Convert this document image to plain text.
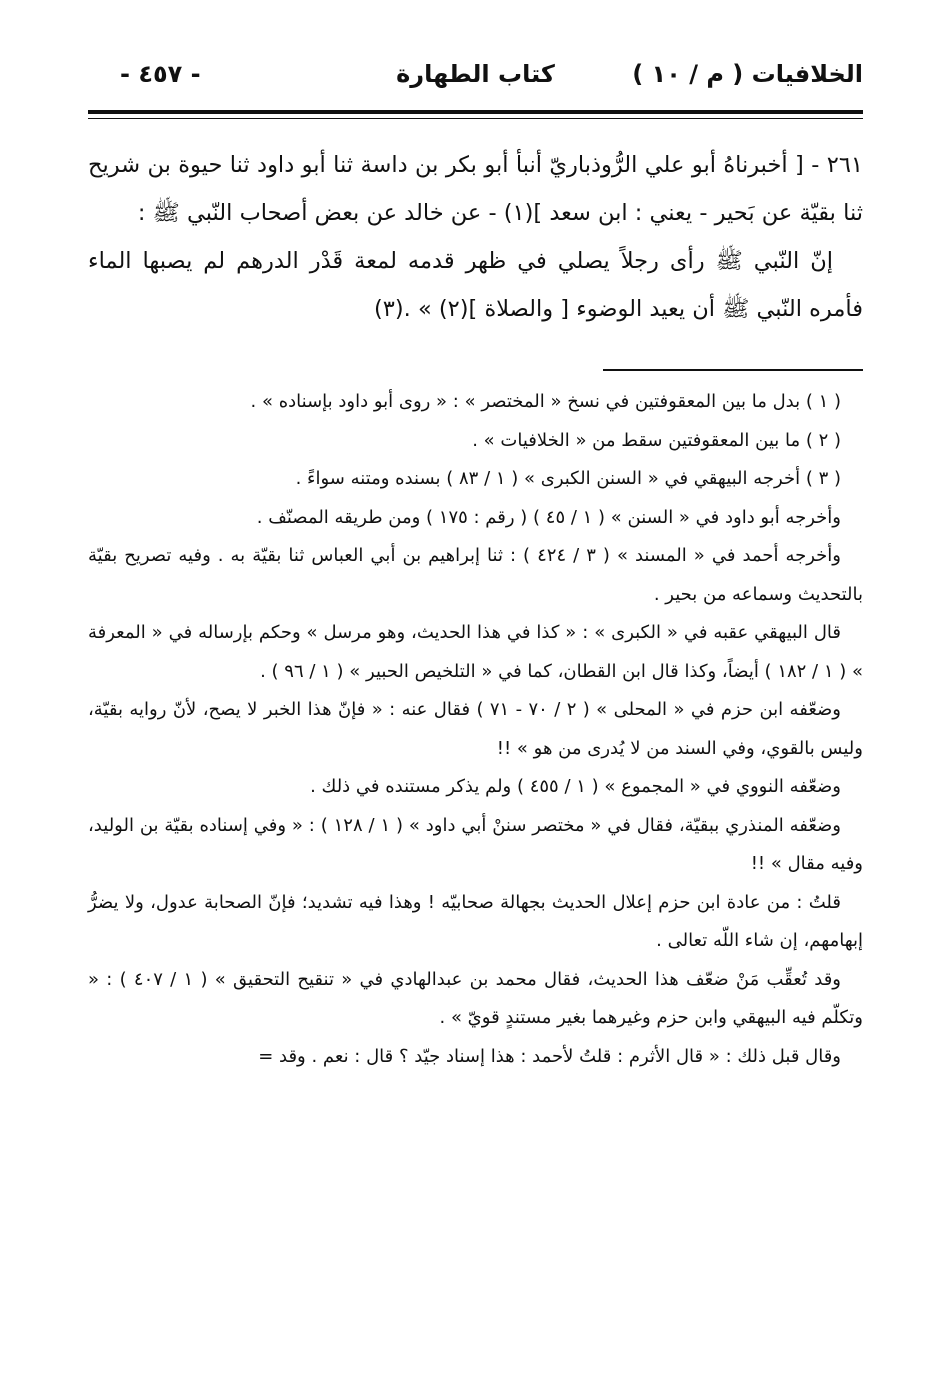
الخلافيات ( م / ١٠ )
كتاب الطهارة
- ٤٥٧ -

٢٦١ - [ أخبرناهُ أبو علي الرُّوذباريّ أنبأ أبو بكر بن داسة ثنا أبو داود ثنا حيوة بن شريح ثنا بقيّة عن بَحير - يعني : ابن سعد ](١) - عن خالد عن بعض أصحاب النّبي ﷺ :

إنّ النّبي ﷺ رأى رجلاً يصلي في ظهر قدمه لمعة قَدْر الدرهم لم يصبها الماء فأمره النّبي ﷺ أن يعيد الوضوء [ والصلاة ](٢) » .(٣)

( ١ ) بدل ما بين المعقوفتين في نسخ « المختصر » : « روى أبو داود بإسناده » .

( ٢ ) ما بين المعقوفتين سقط من « الخلافيات » .

( ٣ ) أخرجه البيهقي في « السنن الكبرى » ( ١ / ٨٣ ) بسنده ومتنه سواءً .

وأخرجه أبو داود في « السنن » ( ١ / ٤٥ ) ( رقم : ١٧٥ ) ومن طريقه المصنّف .

وأخرجه أحمد في « المسند » ( ٣ / ٤٢٤ ) : ثنا إبراهيم بن أبي العباس ثنا بقيّة به . وفيه تصريح بقيّة بالتحديث وسماعه من بحير .

قال البيهقي عقبه في « الكبرى » : « كذا في هذا الحديث، وهو مرسل » وحكم بإرساله في « المعرفة » ( ١ / ١٨٢ ) أيضاً، وكذا قال ابن القطان، كما في « التلخيص الحبير » ( ١ / ٩٦ ) .

وضعّفه ابن حزم في « المحلى » ( ٢ / ٧٠ - ٧١ ) فقال عنه : « فإنّ هذا الخبر لا يصح، لأنّ روايه بقيّة، وليس بالقوي، وفي السند من لا يُدرى من هو » !!

وضعّفه النووي في « المجموع » ( ١ / ٤٥٥ ) ولم يذكر مستنده في ذلك .

وضعّفه المنذري ببقيّة، فقال في « مختصر سننْ أبي داود » ( ١ / ١٢٨ ) : « وفي إسناده بقيّة بن الوليد، وفيه مقال » !!

قلتُ : من عادة ابن حزم إعلال الحديث بجهالة صحابيّه ! وهذا فيه تشديد؛ فإنّ الصحابة عدول، ولا يضرُّ إبهامهم، إن شاء اللّه تعالى .

وقد تُعقِّب مَنْ ضعّف هذا الحديث، فقال محمد بن عبدالهادي في « تنقيح التحقيق » ( ١ / ٤٠٧ ) : « وتكلّم فيه البيهقي وابن حزم وغيرهما بغير مستندٍ قويّ » .

وقال قبل ذلك : « قال الأثرم : قلتُ لأحمد : هذا إسناد جيّد ؟ قال : نعم . وقد =
